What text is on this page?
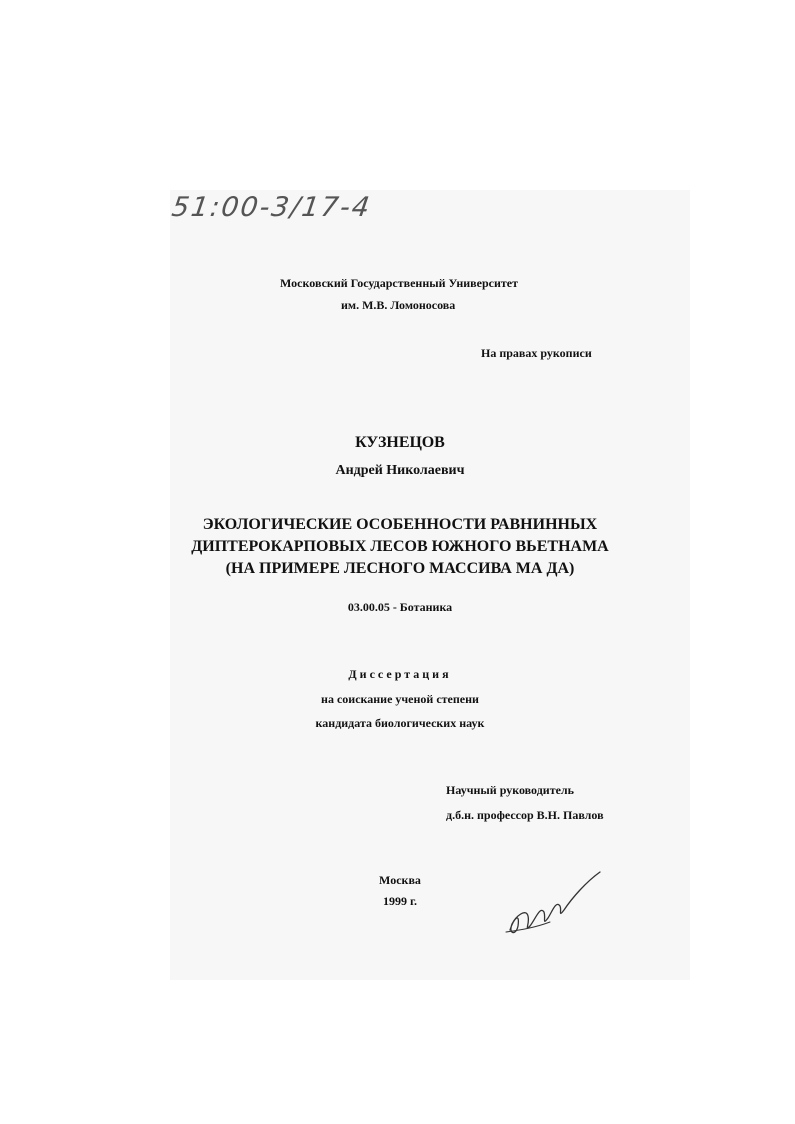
51:00-3/17-4
Московский Государственный Университет
им. М.В. Ломоносова
На правах рукописи
КУЗНЕЦОВ
Андрей Николаевич
ЭКОЛОГИЧЕСКИЕ ОСОБЕННОСТИ РАВНИННЫХ
ДИПТЕРОКАРПОВЫХ ЛЕСОВ ЮЖНОГО ВЬЕТНАМА
(НА ПРИМЕРЕ ЛЕСНОГО МАССИВА МА ДА)
03.00.05 - Ботаника
Диссертация
на соискание ученой степени
кандидата биологических наук
Научный руководитель
д.б.н. профессор В.Н. Павлов
Москва
1999 г.
